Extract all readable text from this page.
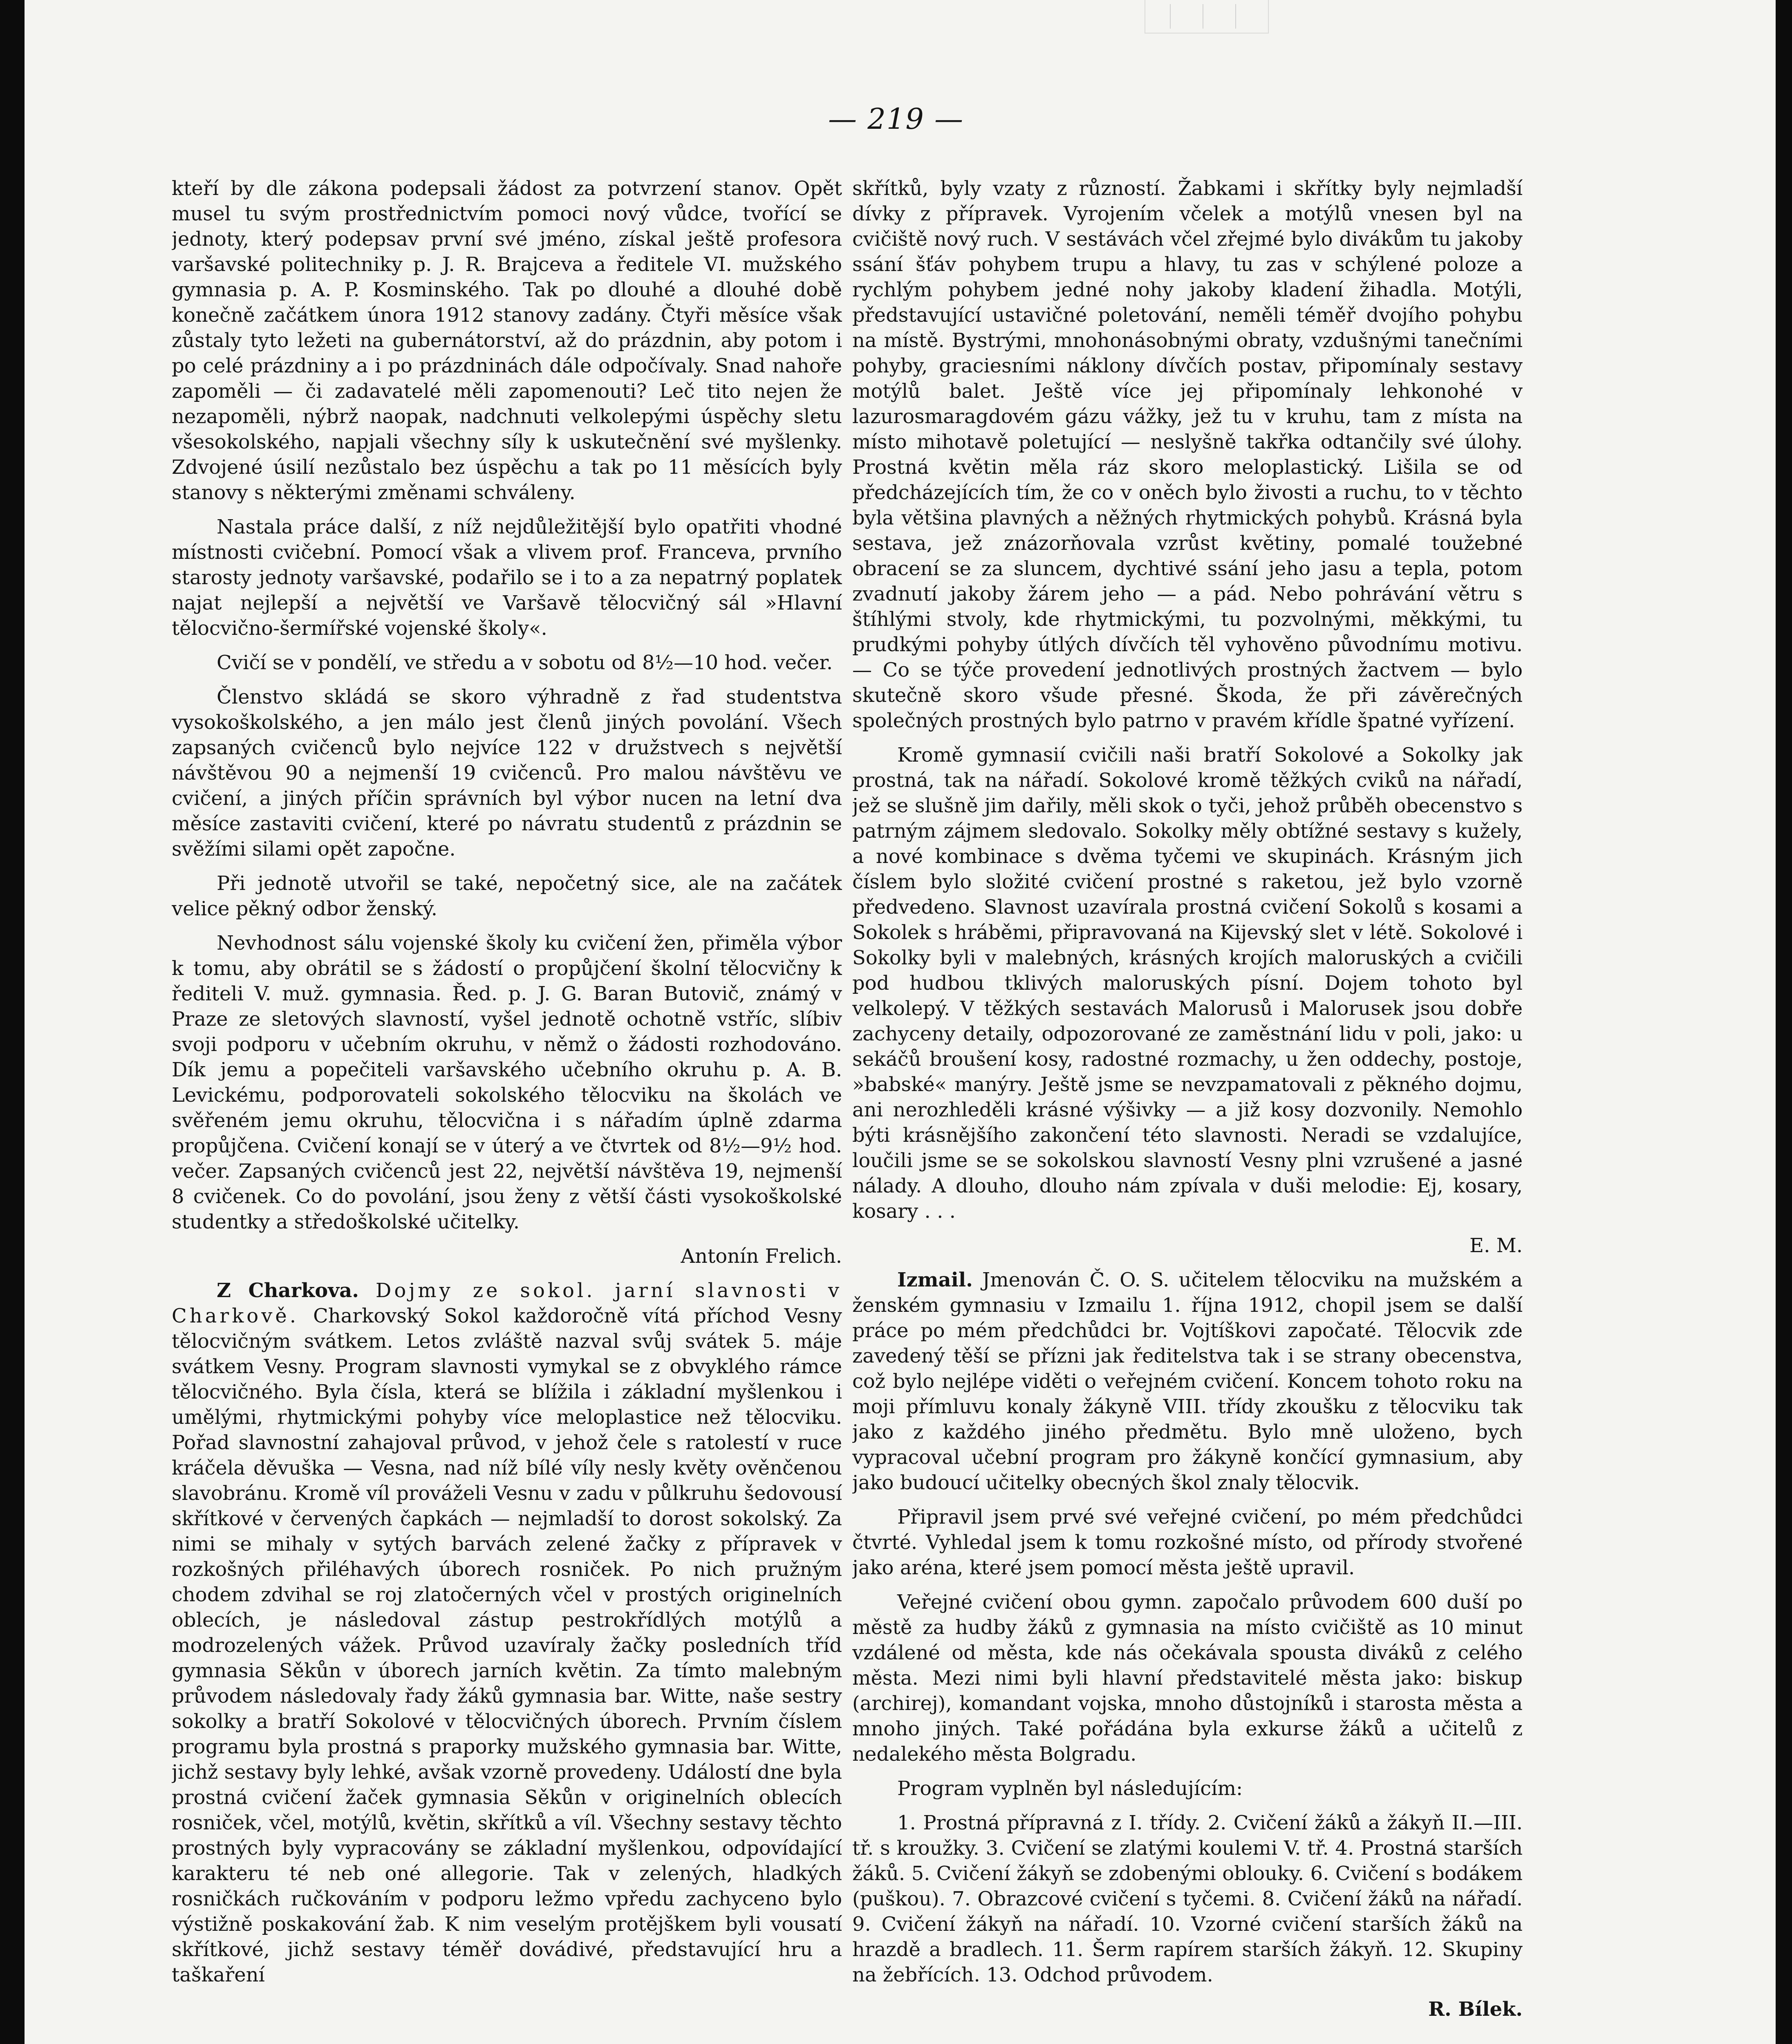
— 219 —

kteří by dle zákona podepsali žádost za potvrzení stanov. Opět musel tu svým prostřednictvím pomoci nový vůdce, tvořící se jednoty, který podepsav první své jméno, získal ještě profesora varšavské politechniky p. J. R. Brajceva a ředitele VI. mužského gymnasia p. A. P. Kosminského. Tak po dlouhé a dlouhé době konečně začátkem února 1912 stanovy zadány. Čtyři měsíce však zůstaly tyto ležeti na gubernátorství, až do prázdnin, aby potom i po celé prázdniny a i po prázdninách dále odpočívaly. Snad nahoře zapoměli — či zadavatelé měli zapomenouti? Leč tito nejen že nezapoměli, nýbrž naopak, nadchnuti velkolepými úspěchy sletu všesokolského, napjali všechny síly k uskutečnění své myšlenky. Zdvojené úsilí nezůstalo bez úspěchu a tak po 11 měsících byly stanovy s některými změnami schváleny.

Nastala práce další, z níž nejdůležitější bylo opatřiti vhodné místnosti cvičební. Pomocí však a vlivem prof. Franceva, prvního starosty jednoty varšavské, podařilo se i to a za nepatrný poplatek najat nejlepší a největší ve Varšavě tělocvičný sál »Hlavní tělocvično-šermířské vojenské školy«.

Cvičí se v pondělí, ve středu a v sobotu od 8½—10 hod. večer.

Členstvo skládá se skoro výhradně z řad studentstva vysokoškolského, a jen málo jest členů jiných povolání. Všech zapsaných cvičenců bylo nejvíce 122 v družstvech s největší návštěvou 90 a nejmenší 19 cvičenců. Pro malou návštěvu ve cvičení, a jiných příčin správních byl výbor nucen na letní dva měsíce zastaviti cvičení, které po návratu studentů z prázdnin se svěžími silami opět započne.

Při jednotě utvořil se také, nepočetný sice, ale na začátek velice pěkný odbor ženský.

Nevhodnost sálu vojenské školy ku cvičení žen, přiměla výbor k tomu, aby obrátil se s žádostí o propůjčení školní tělocvičny k řediteli V. muž. gymnasia. Řed. p. J. G. Baran Butovič, známý v Praze ze sletových slavností, vyšel jednotě ochotně vstříc, slíbiv svoji podporu v učebním okruhu, v němž o žádosti rozhodováno. Dík jemu a popečiteli varšavského učebního okruhu p. A. B. Levickému, podporovateli sokolského tělocviku na školách ve svěřeném jemu okruhu, tělocvična i s nářadím úplně zdarma propůjčena. Cvičení konají se v úterý a ve čtvrtek od 8½—9½ hod. večer. Zapsaných cvičenců jest 22, největší návštěva 19, nejmenší 8 cvičenek. Co do povolání, jsou ženy z větší části vysokoškolské studentky a středoškolské učitelky.

Antonín Frelich.

Z Charkova. Dojmy ze sokol. jarní slavnosti v Charkově. Charkovský Sokol každoročně vítá příchod Vesny tělocvičným svátkem. Letos zvláště nazval svůj svátek 5. máje svátkem Vesny. Program slavnosti vymykal se z obvyklého rámce tělocvičného. Byla čísla, která se blížila i základní myšlenkou i umělými, rhytmickými pohyby více meloplastice než tělocviku. Pořad slavnostní zahajoval průvod, v jehož čele s ratolestí v ruce kráčela děvuška — Vesna, nad níž bílé víly nesly květy ověnčenou slavobránu. Kromě víl prováželi Vesnu v zadu v půlkruhu šedovousí skřítkové v červených čapkách — nejmladší to dorost sokolský. Za nimi se mihaly v sytých barvách zelené žačky z přípravek v rozkošných přiléhavých úborech rosniček. Po nich pružným chodem zdvihal se roj zlatočerných včel v prostých originelních oblecích, je následoval zástup pestrokřídlých motýlů a modrozelených vážek. Průvod uzavíraly žačky posledních tříd gymnasia Sěkůn v úborech jarních květin. Za tímto malebným průvodem následovaly řady žáků gymnasia bar. Witte, naše sestry sokolky a bratří Sokolové v tělocvičných úborech. Prvním číslem programu byla prostná s praporky mužského gymnasia bar. Witte, jichž sestavy byly lehké, avšak vzorně provedeny. Událostí dne byla prostná cvičení žaček gymnasia Sěkůn v originelních oblecích rosniček, včel, motýlů, květin, skřítků a víl. Všechny sestavy těchto prostných byly vypracovány se základní myšlenkou, odpovídající karakteru té neb oné allegorie. Tak v zelených, hladkých rosničkách ručkováním v podporu ležmo vpředu zachyceno bylo výstižně poskakování žab. K nim veselým protějškem byli vousatí skřítkové, jichž sestavy téměř dovádivé, představující hru a taškaření

skřítků, byly vzaty z růzností. Žabkami i skřítky byly nejmladší dívky z přípravek. Vyrojením včelek a motýlů vnesen byl na cvičiště nový ruch. V sestávách včel zřejmé bylo divákům tu jakoby ssání šťáv pohybem trupu a hlavy, tu zas v schýlené poloze a rychlým pohybem jedné nohy jakoby kladení žihadla. Motýli, představující ustavičné poletování, neměli téměř dvojího pohybu na místě. Bystrými, mnohonásobnými obraty, vzdušnými tanečními pohyby, graciesními náklony dívčích postav, připomínaly sestavy motýlů balet. Ještě více jej připomínaly lehkonohé v lazurosmaragdovém gázu vážky, jež tu v kruhu, tam z místa na místo mihotavě poletující — neslyšně takřka odtančily své úlohy. Prostná květin měla ráz skoro meloplastický. Lišila se od předcházejících tím, že co v oněch bylo živosti a ruchu, to v těchto byla většina plavných a něžných rhytmických pohybů. Krásná byla sestava, jež znázorňovala vzrůst květiny, pomalé toužebné obracení se za sluncem, dychtivé ssání jeho jasu a tepla, potom zvadnutí jakoby žárem jeho — a pád. Nebo pohrávání větru s štíhlými stvoly, kde rhytmickými, tu pozvolnými, měkkými, tu prudkými pohyby útlých dívčích těl vyhověno původnímu motivu. — Co se týče provedení jednotlivých prostných žactvem — bylo skutečně skoro všude přesné. Škoda, že při závěrečných společných prostných bylo patrno v pravém křídle špatné vyřízení.

Kromě gymnasií cvičili naši bratří Sokolové a Sokolky jak prostná, tak na nářadí. Sokolové kromě těžkých cviků na nářadí, jež se slušně jim dařily, měli skok o tyči, jehož průběh obecenstvo s patrným zájmem sledovalo. Sokolky měly obtížné sestavy s kužely, a nové kombinace s dvěma tyčemi ve skupinách. Krásným jich číslem bylo složité cvičení prostné s raketou, jež bylo vzorně předvedeno. Slavnost uzavírala prostná cvičení Sokolů s kosami a Sokolek s hráběmi, připravovaná na Kijevský slet v létě. Sokolové i Sokolky byli v malebných, krásných krojích malоruských a cvičili pod hudbou tklivých malоruských písní. Dojem tohoto byl velkolepý. V těžkých sestavách Malorusů i Malorusek jsou dobře zachyceny detaily, odpozorované ze zaměstnání lidu v poli, jako: u sekáčů broušení kosy, radostné rozmachy, u žen oddechy, postoje, »babské« manýry. Ještě jsme se nevzpamatovali z pěkného dojmu, ani nerozhleděli krásné výšivky — a již kosy dozvonily. Nemohlo býti krásnějšího zakončení této slavnosti. Neradi se vzdalujíce, loučili jsme se se sokolskou slavností Vesny plni vzrušené a jasné nálady. A dlouho, dlouho nám zpívala v duši melodie: Ej, kosary, kosary . . .

E. M.

Izmail. Jmenován Č. O. S. učitelem tělocviku na mužském a ženském gymnasiu v Izmailu 1. října 1912, chopil jsem se další práce po mém předchůdci br. Vojtíškovi započaté. Tělocvik zde zavedený těší se přízni jak ředitelstva tak i se strany obecenstva, což bylo nejlépe viděti o veřejném cvičení. Koncem tohoto roku na moji přímluvu konaly žákyně VIII. třídy zkoušku z tělocviku tak jako z každého jiného předmětu. Bylo mně uloženo, bych vypracoval učební program pro žákyně končící gymnasium, aby jako budoucí učitelky obecných škol znaly tělocvik.

Připravil jsem prvé své veřejné cvičení, po mém předchůdci čtvrté. Vyhledal jsem k tomu rozkošné místo, od přírody stvořené jako aréna, které jsem pomocí města ještě upravil.

Veřejné cvičení obou gymn. započalo průvodem 600 duší po městě za hudby žáků z gymnasia na místo cvičiště as 10 minut vzdálené od města, kde nás očekávala spousta diváků z celého města. Mezi nimi byli hlavní představitelé města jako: biskup (archirej), komandant vojska, mnoho důstojníků i starosta města a mnoho jiných. Také pořádána byla exkurse žáků a učitelů z nedalekého města Bolgradu.

Program vyplněn byl následujícím:

1. Prostná přípravná z I. třídy. 2. Cvičení žáků a žákyň II.—III. tř. s kroužky. 3. Cvičení se zlatými koulemi V. tř. 4. Prostná starších žáků. 5. Cvičení žákyň se zdobenými oblouky. 6. Cvičení s bodákem (puškou). 7. Obrazcové cvičení s tyčemi. 8. Cvičení žáků na nářadí. 9. Cvičení žákyň na nářadí. 10. Vzorné cvičení starších žáků na hrazdě a bradlech. 11. Šerm rapírem starších žákyň. 12. Skupiny na žebřících. 13. Odchod průvodem.

R. Bílek.
